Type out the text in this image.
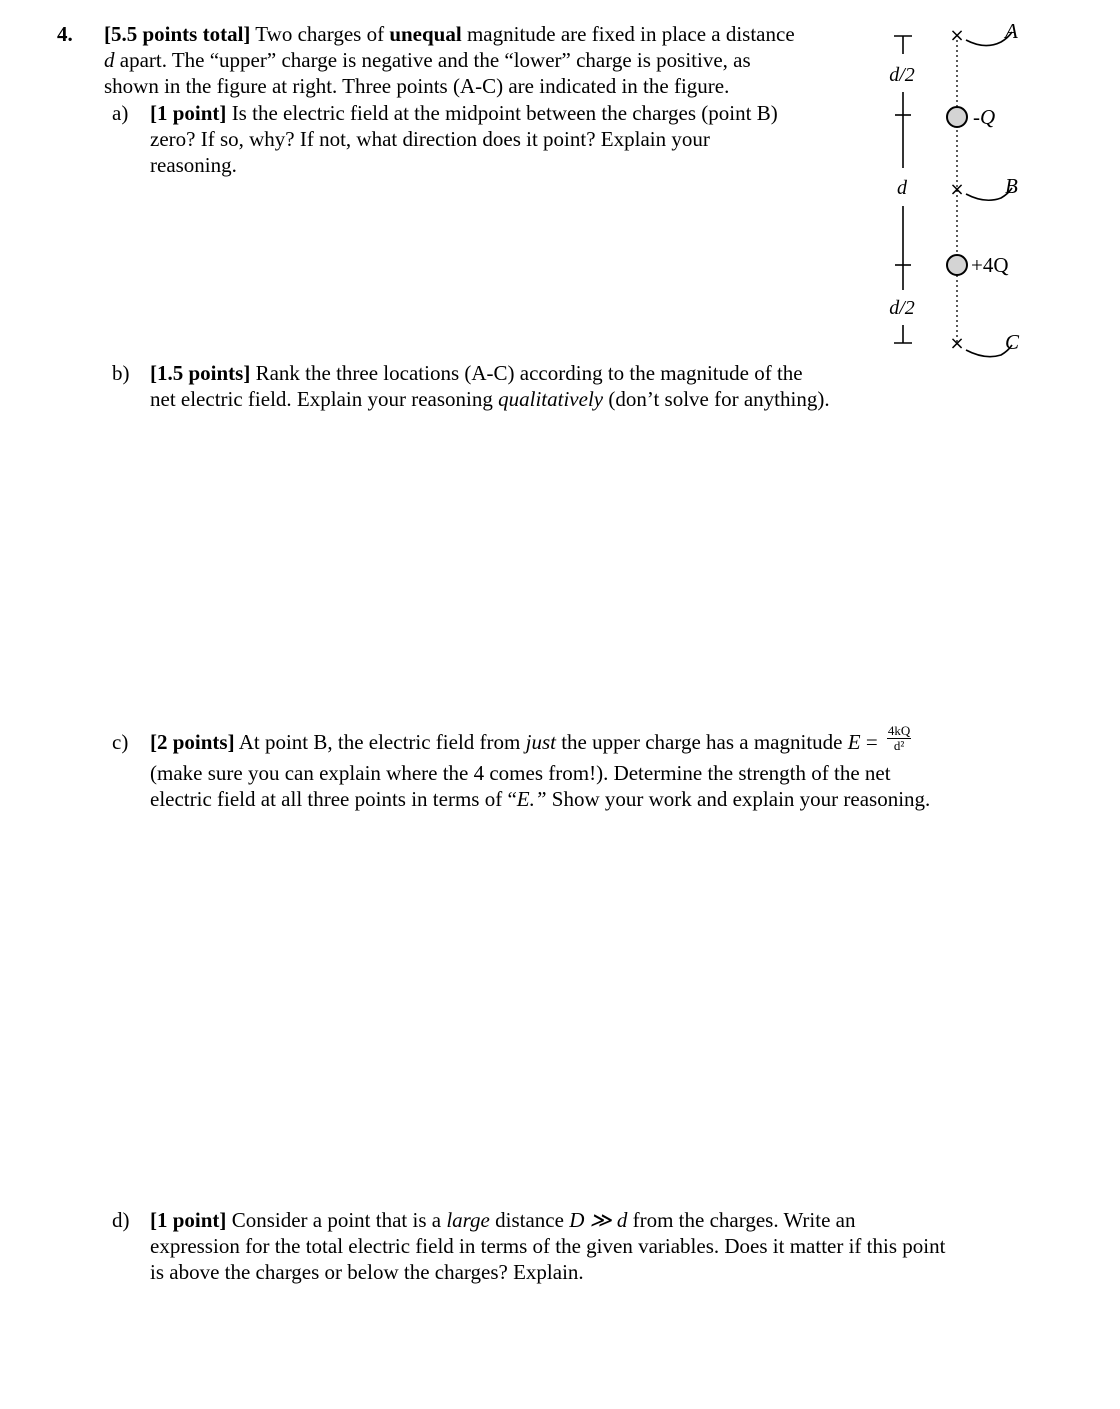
4. [5.5 points total] Two charges of unequal magnitude are fixed in place a distance
d apart. The “upper” charge is negative and the “lower” charge is positive, as
shown in the figure at right. Three points (A-C) are indicated in the figure.
a) [1 point] Is the electric field at the midpoint between the charges (point B)
zero? If so, why? If not, what direction does it point? Explain your
reasoning.
b) [1.5 points] Rank the three locations (A-C) according to the magnitude of the
net electric field. Explain your reasoning qualitatively (don’t solve for anything).
c) [2 points] At point B, the electric field from just the upper charge has a magnitude $E = \frac{4kQ}{\text{d²}}$
(make sure you can explain where the 4 comes from!). Determine the strength of the net
electric field at all three points in terms of “E.” Show your work and explain your reasoning.
d) [1 point] Consider a point that is a large distance D ≫ d from the charges. Write an
expression for the total electric field in terms of the given variables. Does it matter if this point
is above the charges or below the charges? Explain.
d/2
d
d/2
×
×
×
-Q
+4Q
A
B
C
